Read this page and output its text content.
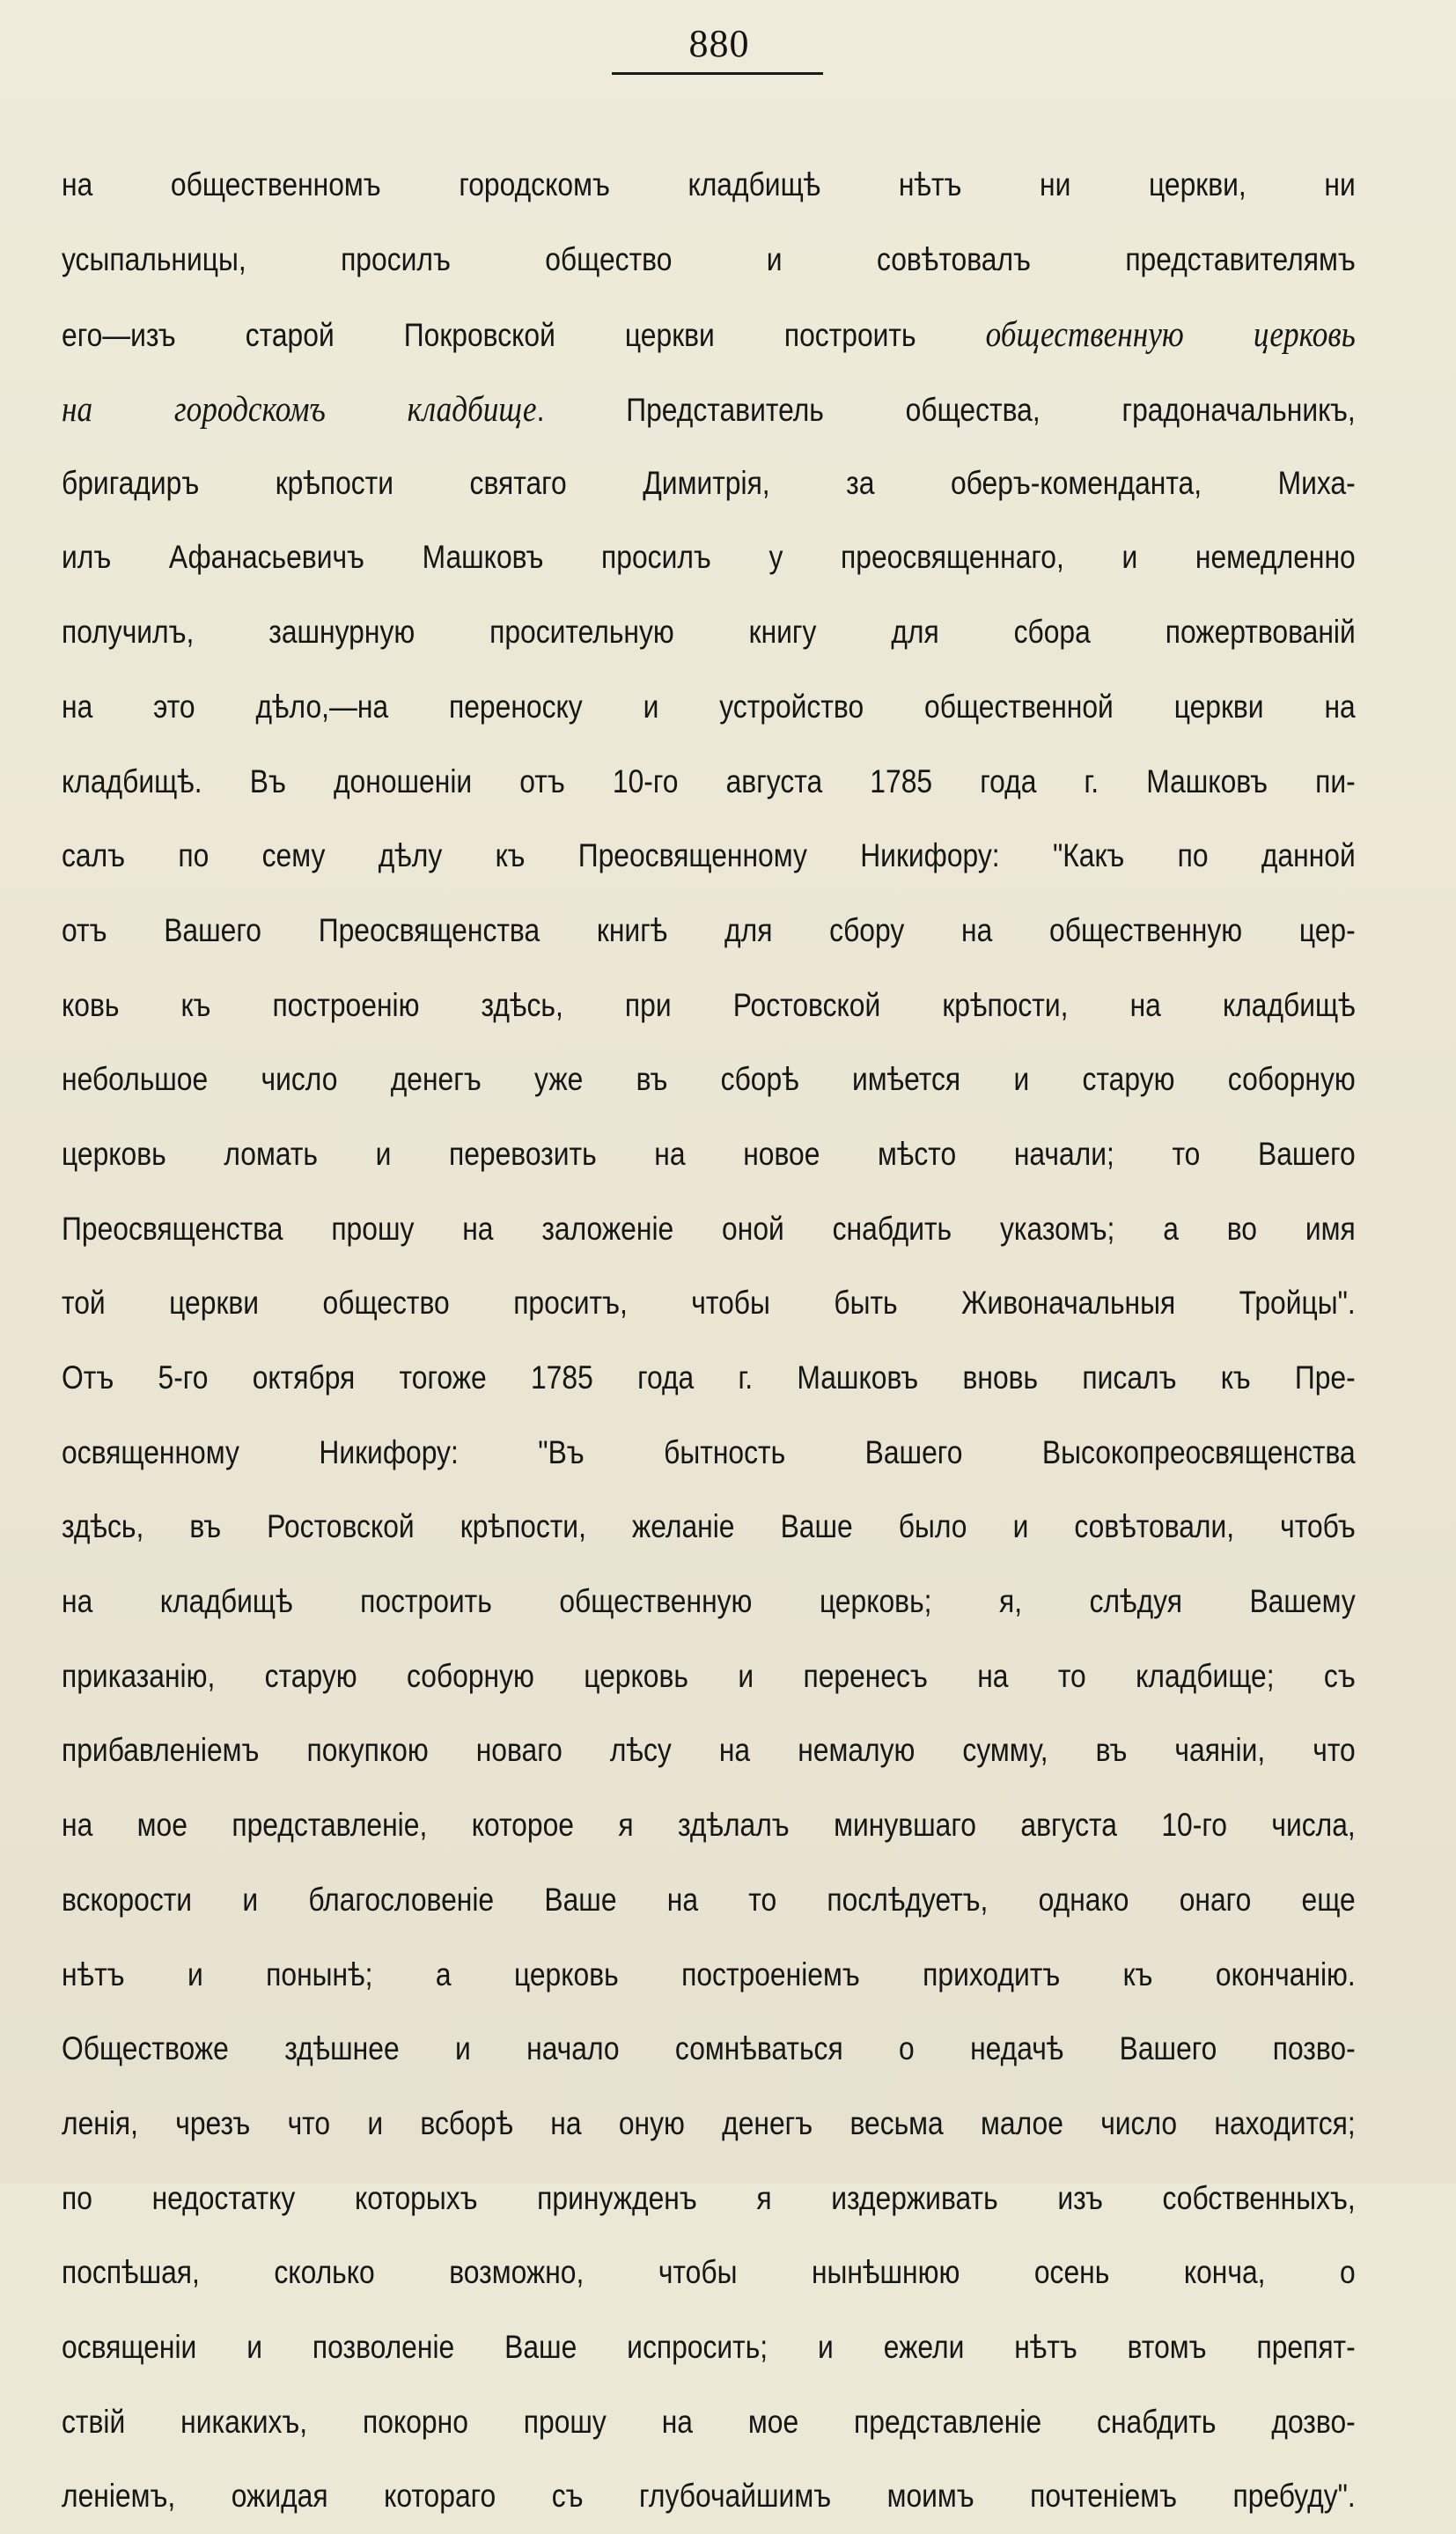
880
на общественномъ городскомъ кладбищѣ нѣтъ ни церкви, ни
усыпальницы, просилъ общество и совѣтовалъ представителямъ
его—изъ старой Покровской церкви построить общественную церковь
на городскомъ кладбище. Представитель общества, градоначальникъ,
бригадиръ крѣпости святаго Димитрія, за оберъ-коменданта, Миха-
илъ Афанасьевичъ Машковъ просилъ у преосвященнаго, и немедленно
получилъ, зашнурную просительную книгу для сбора пожертвованій
на это дѣло,—на переноску и устройство общественной церкви на
кладбищѣ. Въ доношеніи отъ 10-го августа 1785 года г. Машковъ пи-
салъ по сему дѣлу къ Преосвященному Никифору: "Какъ по данной
отъ Вашего Преосвященства книгѣ для сбору на общественную цер-
ковь къ построенію здѣсь, при Ростовской крѣпости, на кладбищѣ
небольшое число денегъ уже въ сборѣ имѣется и старую соборную
церковь ломать и перевозить на новое мѣсто начали; то Вашего
Преосвященства прошу на заложеніе оной снабдить указомъ; а во имя
той церкви общество проситъ, чтобы быть Живоначальныя Тройцы".
Отъ 5-го октября тогоже 1785 года г. Машковъ вновь писалъ къ Пре-
освященному Никифору: "Въ бытность Вашего Высокопреосвященства
здѣсь, въ Ростовской крѣпости, желаніе Ваше было и совѣтовали, чтобъ
на кладбищѣ построить общественную церковь; я, слѣдуя Вашему
приказанію, старую соборную церковь и перенесъ на то кладбище; съ
прибавленіемъ покупкою новаго лѣсу на немалую сумму, въ чаяніи, что
на мое представленіе, которое я здѣлалъ минувшаго августа 10-го числа,
вскорости и благословеніе Ваше на то послѣдуетъ, однако онаго еще
нѣтъ и понынѣ; а церковь построеніемъ приходитъ къ окончанію.
Обществоже здѣшнее и начало сомнѣваться о недачѣ Вашего позво-
ленія, чрезъ что и всборѣ на оную денегъ весьма малое число находится;
по недостатку которыхъ принужденъ я издерживать изъ собственныхъ,
поспѣшая, сколько возможно, чтобы нынѣшнюю осень конча, о
освященіи и позволеніе Ваше испросить; и ежели нѣтъ втомъ препят-
ствій никакихъ, покорно прошу на мое представленіе снабдить дозво-
леніемъ, ожидая котораго съ глубочайшимъ моимъ почтеніемъ пребуду".
